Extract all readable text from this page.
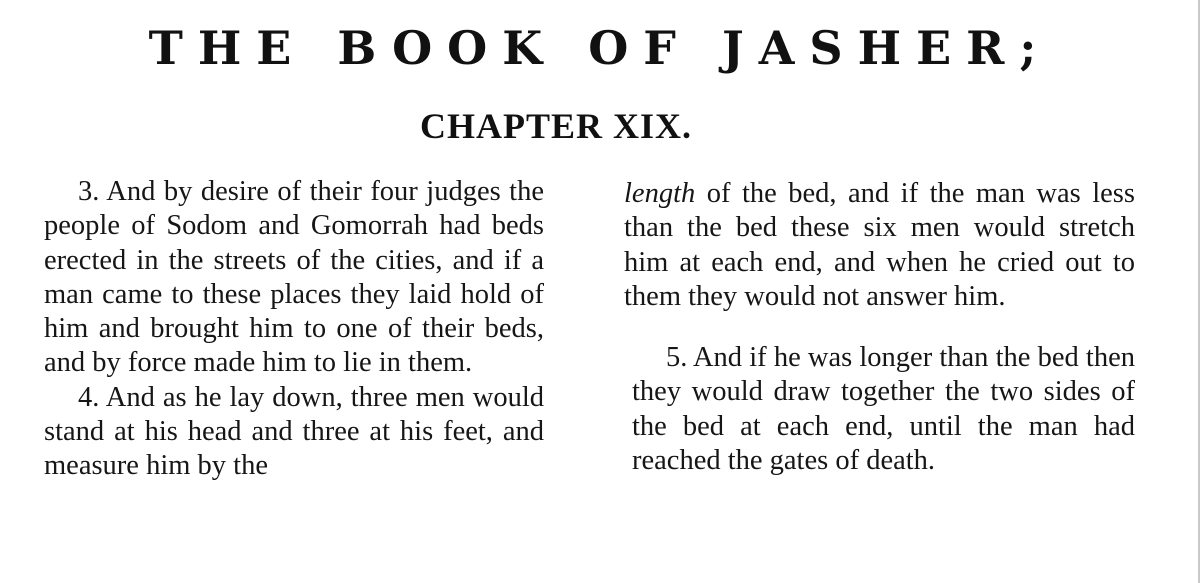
THE BOOK OF JASHER;
CHAPTER XIX.

3. And by desire of their four judges the people of Sodom and Gomorrah had beds erected in the streets of the cities, and if a man came to these places they laid hold of him and brought him to one of their beds, and by force made him to lie in them.

4. And as he lay down, three men would stand at his head and three at his feet, and measure him by the

length of the bed, and if the man was less than the bed these six men would stretch him at each end, and when he cried out to them they would not answer him.

5. And if he was longer than the bed then they would draw together the two sides of the bed at each end, until the man had reached the gates of death.
